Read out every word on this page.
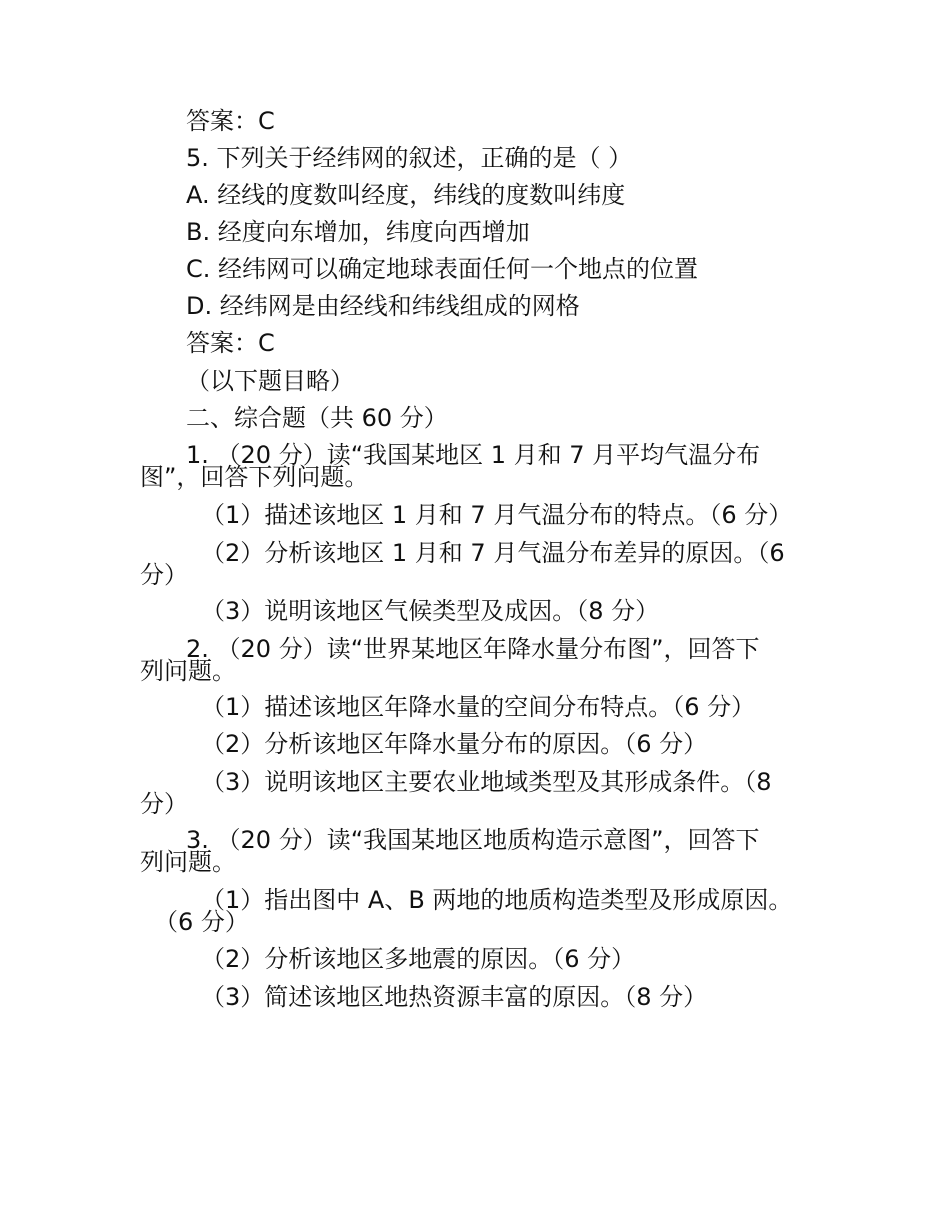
答案：C
5. 下列关于经纬网的叙述，正确的是（ ）
A. 经线的度数叫经度，纬线的度数叫纬度
B. 经度向东增加，纬度向西增加
C. 经纬网可以确定地球表面任何一个地点的位置
D. 经纬网是由经线和纬线组成的网格
答案：C
（以下题目略）
二、综合题（共 60 分）
1. （20 分）读“我国某地区 1 月和 7 月平均气温分布
图”，回答下列问题。
（1）描述该地区 1 月和 7 月气温分布的特点。（6 分）
（2）分析该地区 1 月和 7 月气温分布差异的原因。（6
分）
（3）说明该地区气候类型及成因。（8 分）
2. （20 分）读“世界某地区年降水量分布图”，回答下
列问题。
（1）描述该地区年降水量的空间分布特点。（6 分）
（2）分析该地区年降水量分布的原因。（6 分）
（3）说明该地区主要农业地域类型及其形成条件。（8
分）
3. （20 分）读“我国某地区地质构造示意图”，回答下
列问题。
（1）指出图中 A、B 两地的地质构造类型及形成原因。
（6 分）
（2）分析该地区多地震的原因。（6 分）
（3）简述该地区地热资源丰富的原因。（8 分）
